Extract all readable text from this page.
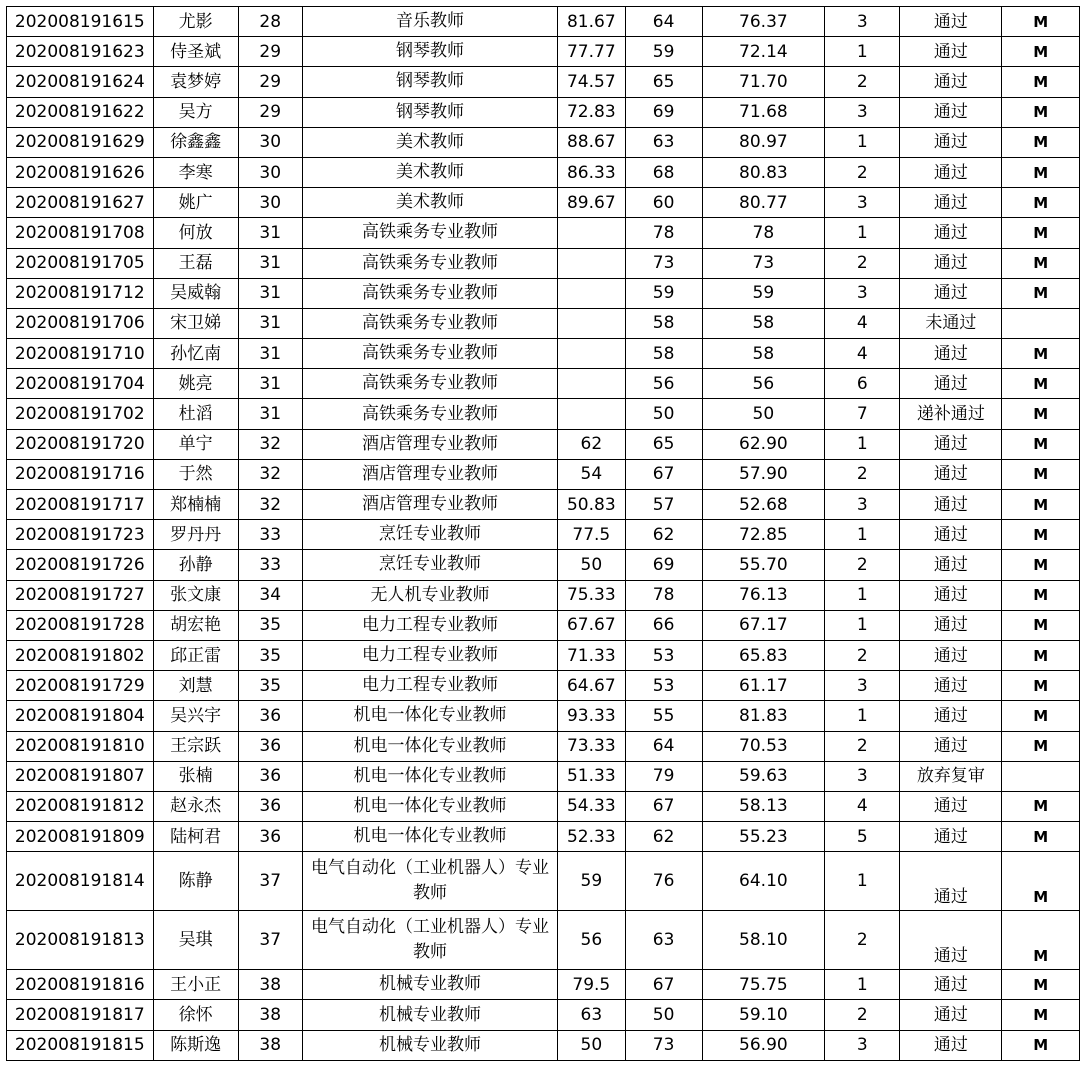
202008191615	尤影	28	音乐教师	81.67	64	76.37	3	通过	M
202008191623	侍圣斌	29	钢琴教师	77.77	59	72.14	1	通过	M
202008191624	袁梦婷	29	钢琴教师	74.57	65	71.70	2	通过	M
202008191622	吴方	29	钢琴教师	72.83	69	71.68	3	通过	M
202008191629	徐鑫鑫	30	美术教师	88.67	63	80.97	1	通过	M
202008191626	李寒	30	美术教师	86.33	68	80.83	2	通过	M
202008191627	姚广	30	美术教师	89.67	60	80.77	3	通过	M
202008191708	何放	31	高铁乘务专业教师		78	78	1	通过	M
202008191705	王磊	31	高铁乘务专业教师		73	73	2	通过	M
202008191712	吴威翰	31	高铁乘务专业教师		59	59	3	通过	M
202008191706	宋卫娣	31	高铁乘务专业教师		58	58	4	未通过	
202008191710	孙忆南	31	高铁乘务专业教师		58	58	4	通过	M
202008191704	姚亮	31	高铁乘务专业教师		56	56	6	通过	M
202008191702	杜滔	31	高铁乘务专业教师		50	50	7	递补通过	M
202008191720	单宁	32	酒店管理专业教师	62	65	62.90	1	通过	M
202008191716	于然	32	酒店管理专业教师	54	67	57.90	2	通过	M
202008191717	郑楠楠	32	酒店管理专业教师	50.83	57	52.68	3	通过	M
202008191723	罗丹丹	33	烹饪专业教师	77.5	62	72.85	1	通过	M
202008191726	孙静	33	烹饪专业教师	50	69	55.70	2	通过	M
202008191727	张文康	34	无人机专业教师	75.33	78	76.13	1	通过	M
202008191728	胡宏艳	35	电力工程专业教师	67.67	66	67.17	1	通过	M
202008191802	邱正雷	35	电力工程专业教师	71.33	53	65.83	2	通过	M
202008191729	刘慧	35	电力工程专业教师	64.67	53	61.17	3	通过	M
202008191804	吴兴宇	36	机电一体化专业教师	93.33	55	81.83	1	通过	M
202008191810	王宗跃	36	机电一体化专业教师	73.33	64	70.53	2	通过	M
202008191807	张楠	36	机电一体化专业教师	51.33	79	59.63	3	放弃复审	
202008191812	赵永杰	36	机电一体化专业教师	54.33	67	58.13	4	通过	M
202008191809	陆柯君	36	机电一体化专业教师	52.33	62	55.23	5	通过	M
202008191814	陈静	37	电气自动化（工业机器人）专业教师	59	76	64.10	1	通过	M
202008191813	吴琪	37	电气自动化（工业机器人）专业教师	56	63	58.10	2	通过	M
202008191816	王小正	38	机械专业教师	79.5	67	75.75	1	通过	M
202008191817	徐怀	38	机械专业教师	63	50	59.10	2	通过	M
202008191815	陈斯逸	38	机械专业教师	50	73	56.90	3	通过	M
